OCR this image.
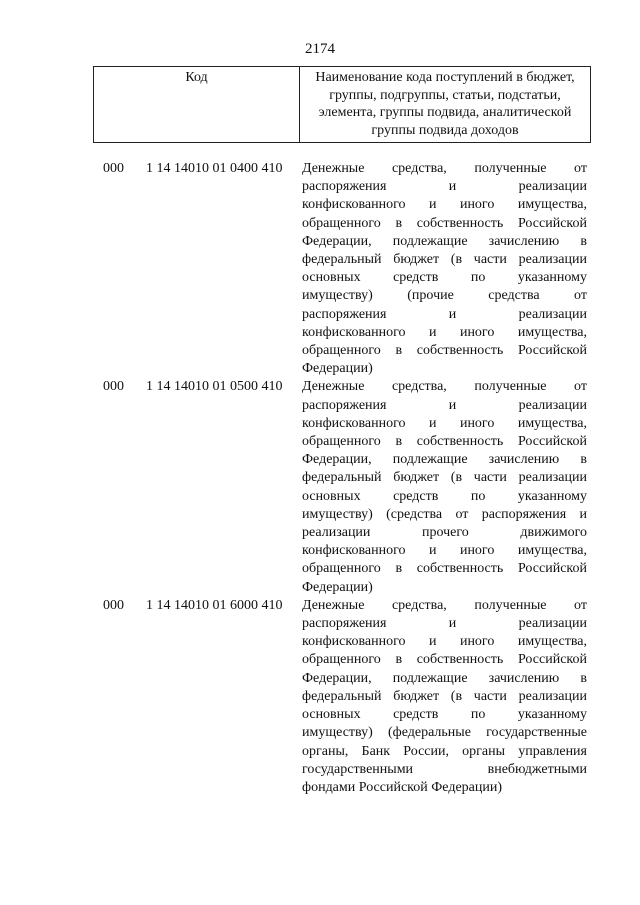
2174
Код	Наименование кода поступлений в бюджет, группы, подгруппы, статьи, подстатьи, элемента, группы подвида, аналитической группы подвида доходов
000 1 14 14010 01 0400 410 Денежные средства, полученные от
распоряжения и реализации
конфискованного и иного имущества,
обращенного в собственность Российской
Федерации, подлежащие зачислению в
федеральный бюджет (в части реализации
основных средств по указанному
имуществу) (прочие средства от
распоряжения и реализации
конфискованного и иного имущества,
обращенного в собственность Российской
Федерации)
000 1 14 14010 01 0500 410 Денежные средства, полученные от
распоряжения и реализации
конфискованного и иного имущества,
обращенного в собственность Российской
Федерации, подлежащие зачислению в
федеральный бюджет (в части реализации
основных средств по указанному
имуществу) (средства от распоряжения и
реализации прочего движимого
конфискованного и иного имущества,
обращенного в собственность Российской
Федерации)
000 1 14 14010 01 6000 410 Денежные средства, полученные от
распоряжения и реализации
конфискованного и иного имущества,
обращенного в собственность Российской
Федерации, подлежащие зачислению в
федеральный бюджет (в части реализации
основных средств по указанному
имуществу) (федеральные государственные
органы, Банк России, органы управления
государственными внебюджетными
фондами Российской Федерации)
